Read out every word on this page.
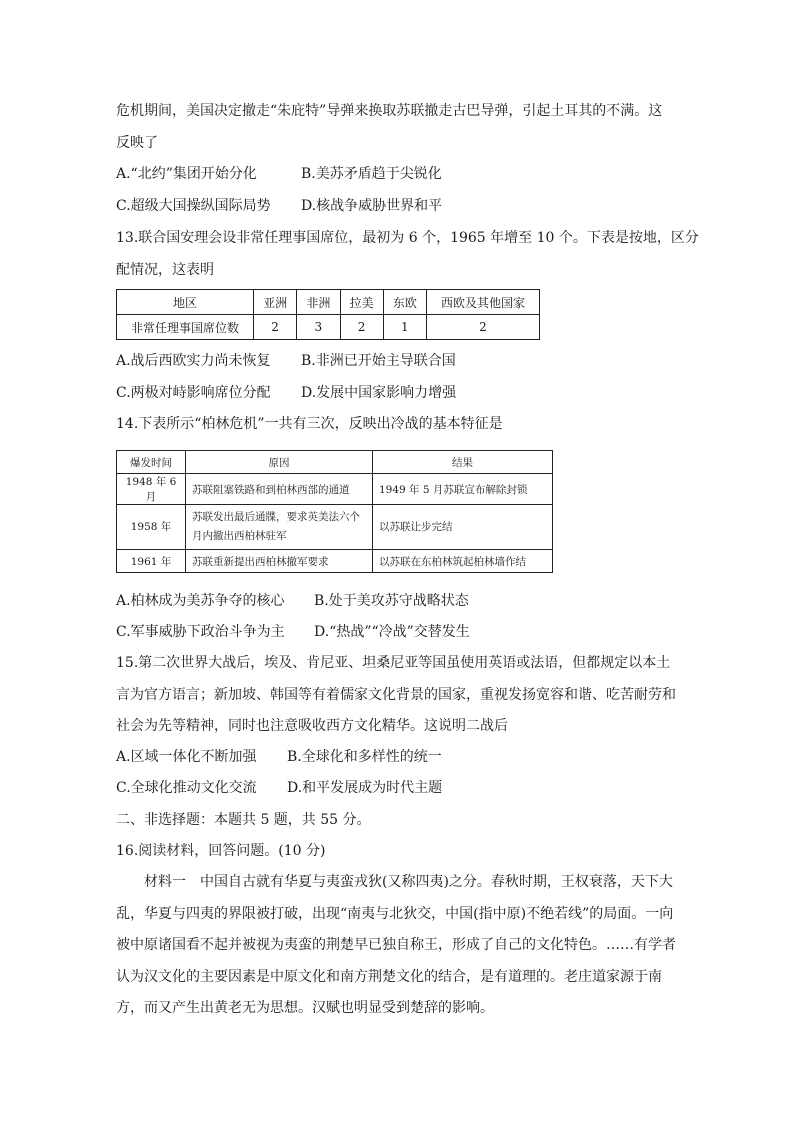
危机期间，美国决定撤走“朱庇特”导弹来换取苏联撤走古巴导弹，引起土耳其的不满。这
反映了
A.“北约”集团开始分化	B.美苏矛盾趋于尖锐化
C.超级大国操纵国际局势 D.核战争威胁世界和平
13.联合国安理会设非常任理事国席位，最初为 6 个，1965 年增至 10 个。下表是按地，区分
配情况，这表明
地区	亚洲	非洲	拉美	东欧	西欧及其他国家
非常任理事国席位数	2	3	2	1	2
A.战后西欧实力尚未恢复 B.非洲已开始主导联合国
C.两极对峙影响席位分配 D.发展中国家影响力增强
14.下表所示“柏林危机”一共有三次，反映出冷战的基本特征是
爆发时间	原因	结果
1948 年 6 月	苏联阻塞铁路和到柏林西部的通道	1949 年 5 月苏联宣布解除封锁
1958 年	苏联发出最后通牒，要求英美法六个月内撤出西柏林驻军	以苏联让步完结
1961 年	苏联重新提出西柏林撤军要求	以苏联在东柏林筑起柏林墙作结
A.柏林成为美苏争夺的核心 B.处于美攻苏守战略状态
C.军事威胁下政治斗争为主 D.“热战”“冷战”交替发生
15.第二次世界大战后，埃及、肯尼亚、坦桑尼亚等国虽使用英语或法语，但都规定以本土言为官方语言；新加坡、韩国等有着儒家文化背景的国家，重视发扬宽容和谐、吃苦耐劳和社会为先等精神，同时也注意吸收西方文化精华。这说明二战后
A.区域一体化不断加强 B.全球化和多样性的统一
C.全球化推动文化交流 D.和平发展成为时代主题
二、非选择题：本题共 5 题，共 55 分。
16.阅读材料，回答问题。(10 分)
材料一　中国自古就有华夏与夷蛮戎狄(又称四夷)之分。春秋时期，王权衰落，天下大乱，华夏与四夷的界限被打破，出现“南夷与北狄交，中国(指中原)不绝若线”的局面。一向被中原诸国看不起并被视为夷蛮的荆楚早已独自称王，形成了自己的文化特色。……有学者认为汉文化的主要因素是中原文化和南方荆楚文化的结合，是有道理的。老庄道家源于南方，而又产生出黄老无为思想。汉赋也明显受到楚辞的影响。
